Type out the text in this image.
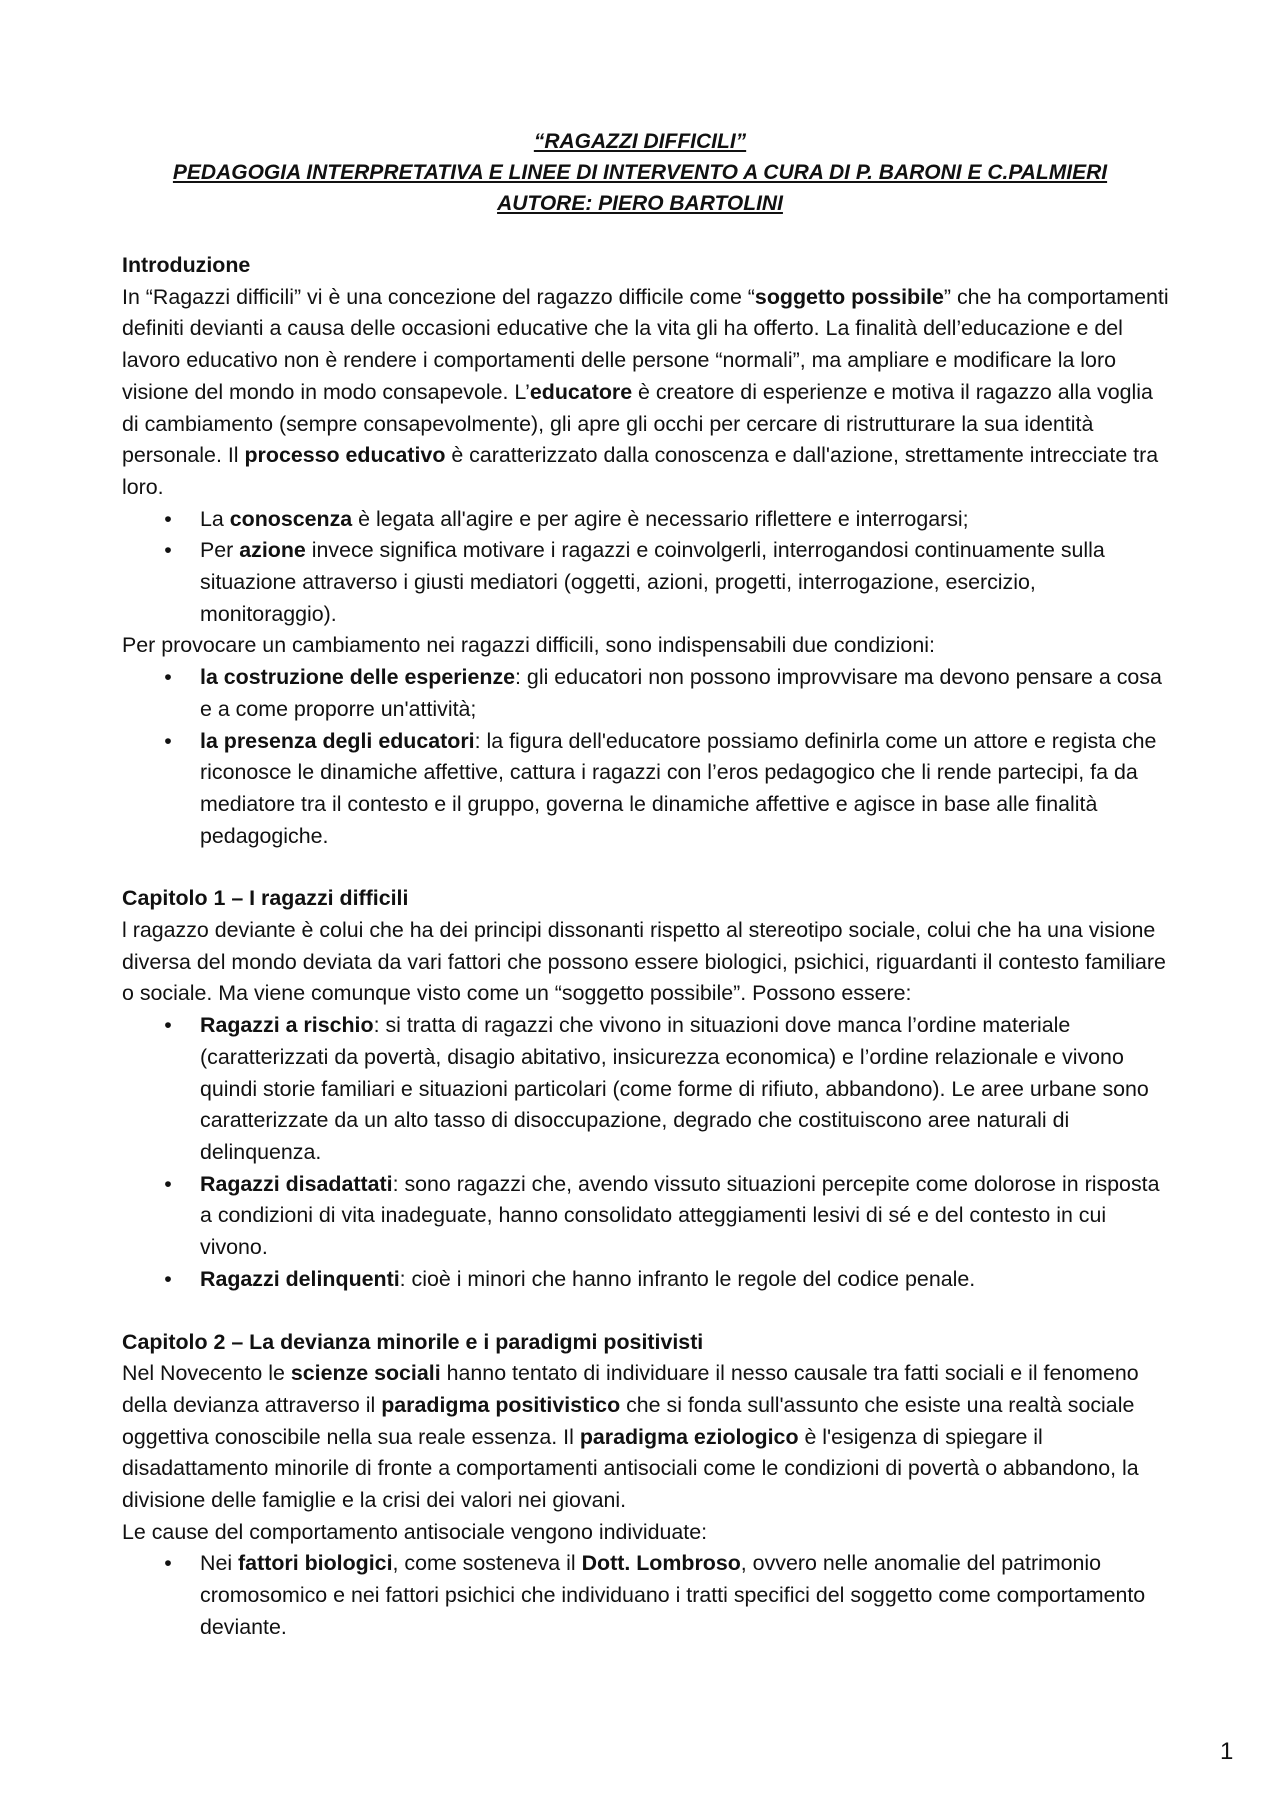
“RAGAZZI DIFFICILI”
PEDAGOGIA INTERPRETATIVA E LINEE DI INTERVENTO A CURA DI P. BARONI E C.PALMIERI
AUTORE: PIERO BARTOLINI

Introduzione

In “Ragazzi difficili” vi è una concezione del ragazzo difficile come “soggetto possibile” che ha comportamenti definiti devianti a causa delle occasioni educative che la vita gli ha offerto. La finalità dell’educazione e del lavoro educativo non è rendere i comportamenti delle persone “normali”, ma ampliare e modificare la loro visione del mondo in modo consapevole. L’educatore è creatore di esperienze e motiva il ragazzo alla voglia di cambiamento (sempre consapevolmente), gli apre gli occhi per cercare di ristrutturare la sua identità personale. Il processo educativo è caratterizzato dalla conoscenza e dall'azione, strettamente intrecciate tra loro.

• La conoscenza è legata all'agire e per agire è necessario riflettere e interrogarsi;
• Per azione invece significa motivare i ragazzi e coinvolgerli, interrogandosi continuamente sulla situazione attraverso i giusti mediatori (oggetti, azioni, progetti, interrogazione, esercizio, monitoraggio).

Per provocare un cambiamento nei ragazzi difficili, sono indispensabili due condizioni:

• la costruzione delle esperienze: gli educatori non possono improvvisare ma devono pensare a cosa e a come proporre un'attività;
• la presenza degli educatori: la figura dell'educatore possiamo definirla come un attore e regista che riconosce le dinamiche affettive, cattura i ragazzi con l’eros pedagogico che li rende partecipi, fa da mediatore tra il contesto e il gruppo, governa le dinamiche affettive e agisce in base alle finalità pedagogiche.

Capitolo 1 – I ragazzi difficili

l ragazzo deviante è colui che ha dei principi dissonanti rispetto al stereotipo sociale, colui che ha una visione diversa del mondo deviata da vari fattori che possono essere biologici, psichici, riguardanti il contesto familiare o sociale. Ma viene comunque visto come un “soggetto possibile”. Possono essere:

• Ragazzi a rischio: si tratta di ragazzi che vivono in situazioni dove manca l’ordine materiale (caratterizzati da povertà, disagio abitativo, insicurezza economica) e l’ordine relazionale e vivono quindi storie familiari e situazioni particolari (come forme di rifiuto, abbandono). Le aree urbane sono caratterizzate da un alto tasso di disoccupazione, degrado che costituiscono aree naturali di delinquenza.
• Ragazzi disadattati: sono ragazzi che, avendo vissuto situazioni percepite come dolorose in risposta a condizioni di vita inadeguate, hanno consolidato atteggiamenti lesivi di sé e del contesto in cui vivono.
• Ragazzi delinquenti: cioè i minori che hanno infranto le regole del codice penale.

Capitolo 2 – La devianza minorile e i paradigmi positivisti

Nel Novecento le scienze sociali hanno tentato di individuare il nesso causale tra fatti sociali e il fenomeno della devianza attraverso il paradigma positivistico che si fonda sull'assunto che esiste una realtà sociale oggettiva conoscibile nella sua reale essenza. Il paradigma eziologico è l'esigenza di spiegare il disadattamento minorile di fronte a comportamenti antisociali come le condizioni di povertà o abbandono, la divisione delle famiglie e la crisi dei valori nei giovani.

Le cause del comportamento antisociale vengono individuate:

• Nei fattori biologici, come sosteneva il Dott. Lombroso, ovvero nelle anomalie del patrimonio cromosomico e nei fattori psichici che individuano i tratti specifici del soggetto come comportamento deviante.
1
